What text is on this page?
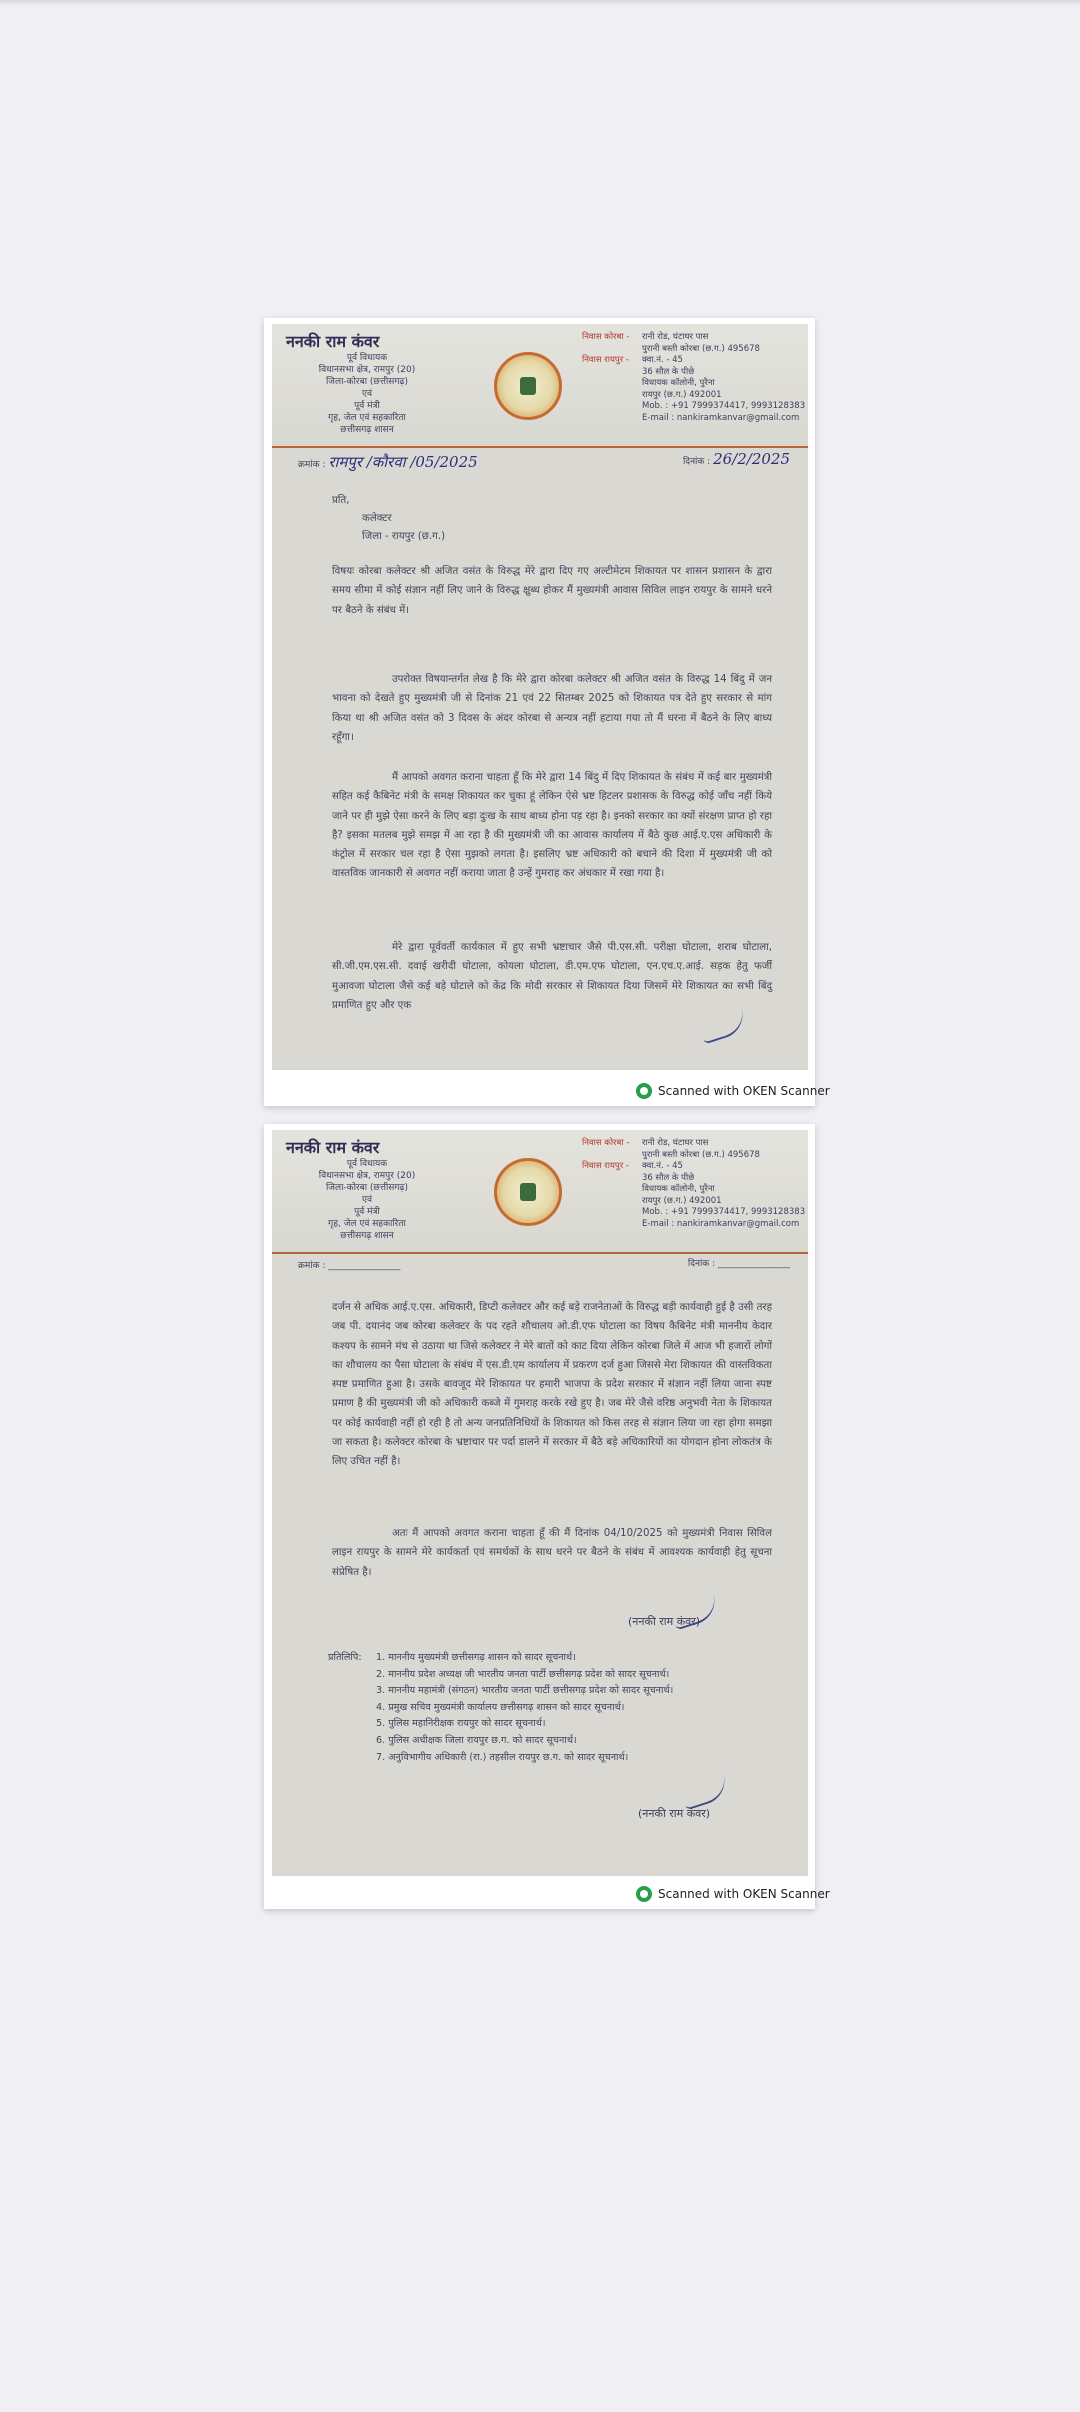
ननकी राम कंवर
पूर्व विधायक
विधानसभा क्षेत्र, रामपुर (20)
जिला-कोरबा (छत्तीसगढ़)
एवं
पूर्व मंत्री
गृह, जेल एवं सहकारिता
छत्तीसगढ़ शासन
निवास कोरबा - रानी रोड, घंटाघर पास
पुरानी बस्ती कोरबा (छ.ग.) 495678
निवास रायपुर - क्वा.नं. - 45
36 सौल के पीछे
विधायक कॉलोनी, पुरैना
रायपुर (छ.ग.) 492001
Mob. : +91 7999374417, 9993128383
E-mail : nankiramkanvar@gmail.com
क्रमांक : रामपुर /कौरवा /05/2025	दिनांक : 26/2/2025
प्रति,
कलेक्टर
जिला - रायपुर (छ.ग.)
विषयः कोरबा कलेक्टर श्री अजित वसंत के विरुद्ध मेरे द्वारा दिए गए अल्टीमेटम शिकायत पर शासन प्रशासन के द्वारा समय सीमा में कोई संज्ञान नहीं लिए जाने के विरुद्ध क्षुब्ध होकर मैं मुख्यमंत्री आवास सिविल लाइन रायपुर के सामने धरने पर बैठने के संबंध में।
उपरोक्त विषयान्तर्गत लेख है कि मेरे द्वारा कोरबा कलेक्टर श्री अजित वसंत के विरुद्ध 14 बिंदु में जन भावना को देखते हुए मुख्यमंत्री जी से दिनांक 21 एवं 22 सितम्बर 2025 को शिकायत पत्र देते हुए सरकार से मांग किया था श्री अजित वसंत को 3 दिवस के अंदर कोरबा से अन्यत्र नहीं हटाया गया तो मैं धरना में बैठने के लिए बाध्य रहूँगा।
मैं आपको अवगत कराना चाहता हूँ कि मेरे द्वारा 14 बिंदु में दिए शिकायत के संबंध में कई बार मुख्यमंत्री सहित कई कैबिनेट मंत्री के समक्ष शिकायत कर चुका हूं लेकिन ऐसे भ्रष्ट हिटलर प्रशासक के विरुद्ध कोई जाँच नहीं किये जाने पर ही मुझे ऐसा करने के लिए बड़ा दुःख के साथ बाध्य होना पड़ रहा है। इनको सरकार का क्यों संरक्षण प्राप्त हो रहा है? इसका मतलब मुझे समझ में आ रहा है की मुख्यमंत्री जी का आवास कार्यालय में बैठे कुछ आई.ए.एस अधिकारी के कंट्रोल में सरकार चल रहा है ऐसा मुझको लगता है। इसलिए भ्रष्ट अधिकारी को बचाने की दिशा में मुख्यमंत्री जी को वास्तविक जानकारी से अवगत नहीं कराया जाता है उन्हें गुमराह कर अंधकार में रखा गया है।
मेरे द्वारा पूर्ववर्ती कार्यकाल में हुए सभी भ्रष्टाचार जैसे पी.एस.सी. परीक्षा घोटाला, शराब घोटाला, सी.जी.एम.एस.सी. दवाई खरीदी घोटाला, कोयला घोटाला, डी.एम.एफ घोटाला, एन.एच.ए.आई. सड़क हेतु फर्जी मुआवजा घोटाला जैसे कई बड़े घोटाले को केंद्र कि मोदी सरकार से शिकायत दिया जिसमें मेरे शिकायत का सभी बिंदु प्रमाणित हुए और एक
Scanned with OKEN Scanner
ननकी राम कंवर
पूर्व विधायक
विधानसभा क्षेत्र, रामपुर (20)
जिला-कोरबा (छत्तीसगढ़)
एवं
पूर्व मंत्री
गृह, जेल एवं सहकारिता
छत्तीसगढ़ शासन
निवास कोरबा - रानी रोड, घंटाघर पास
पुरानी बस्ती कोरबा (छ.ग.) 495678
निवास रायपुर - क्वा.नं. - 45
36 सौल के पीछे
विधायक कॉलोनी, पुरैना
रायपुर (छ.ग.) 492001
Mob. : +91 7999374417, 9993128383
E-mail : nankiramkanvar@gmail.com
क्रमांक : ________________	दिनांक : ________________
दर्जन से अधिक आई.ए.एस. अधिकारी, डिप्टी कलेक्टर और कई बड़े राजनेताओं के विरुद्ध बड़ी कार्यवाही हुई है उसी तरह जब पी. दयानंद जब कोरबा कलेक्टर के पद रहते शौचालय ओ.डी.एफ घोटाला का विषय कैबिनेट मंत्री माननीय केदार कश्यप के सामने मंच से उठाया था जिसे कलेक्टर ने मेरे बातों को काट दिया लेकिन कोरबा जिले में आज भी हजारों लोगों का शौचालय का पैसा घोटाला के संबंध में एस.डी.एम कार्यालय में प्रकरण दर्ज हुआ जिससे मेरा शिकायत की वास्तविकता स्पष्ट प्रमाणित हुआ है। उसके बावजूद मेरे शिकायत पर हमारी भाजपा के प्रदेश सरकार में संज्ञान नहीं लिया जाना स्पष्ट प्रमाण है की मुख्यमंत्री जी को अधिकारी कब्जे में गुमराह करके रखे हुए है। जब मेरे जैसे वरिष्ठ अनुभवी नेता के शिकायत पर कोई कार्यवाही नहीं हो रही है तो अन्य जनप्रतिनिधियों के शिकायत को किस तरह से संज्ञान लिया जा रहा होगा समझा जा सकता है। कलेक्टर कोरबा के भ्रष्टाचार पर पर्दा डालने में सरकार में बैठे बड़े अधिकारियों का योगदान होना लोकतंत्र के लिए उचित नहीं है।
अतः मैं आपको अवगत कराना चाहता हूँ की मैं दिनांक 04/10/2025 को मुख्यमंत्री निवास सिविल लाइन रायपुर के सामने मेरे कार्यकर्ता एवं समर्थकों के साथ धरने पर बैठने के संबंध में आवश्यक कार्यवाही हेतु सूचना संप्रेषित है।
(ननकी राम कंवर)
प्रतिलिपि:	1. माननीय मुख्यमंत्री छत्तीसगढ़ शासन को सादर सूचनार्थ।
2. माननीय प्रदेश अध्यक्ष जी भारतीय जनता पार्टी छत्तीसगढ़ प्रदेश को सादर सूचनार्थ।
3. माननीय महामंत्री (संगठन) भारतीय जनता पार्टी छत्तीसगढ़ प्रदेश को सादर सूचनार्थ।
4. प्रमुख सचिव मुख्यमंत्री कार्यालय छत्तीसगढ़ शासन को सादर सूचनार्थ।
5. पुलिस महानिरीक्षक रायपुर को सादर सूचनार्थ।
6. पुलिस अधीक्षक जिला रायपुर छ.ग. को सादर सूचनार्थ।
7. अनुविभागीय अधिकारी (रा.) तहसील रायपुर छ.ग. को सादर सूचनार्थ।
(ननकी राम कंवर)
Scanned with OKEN Scanner
